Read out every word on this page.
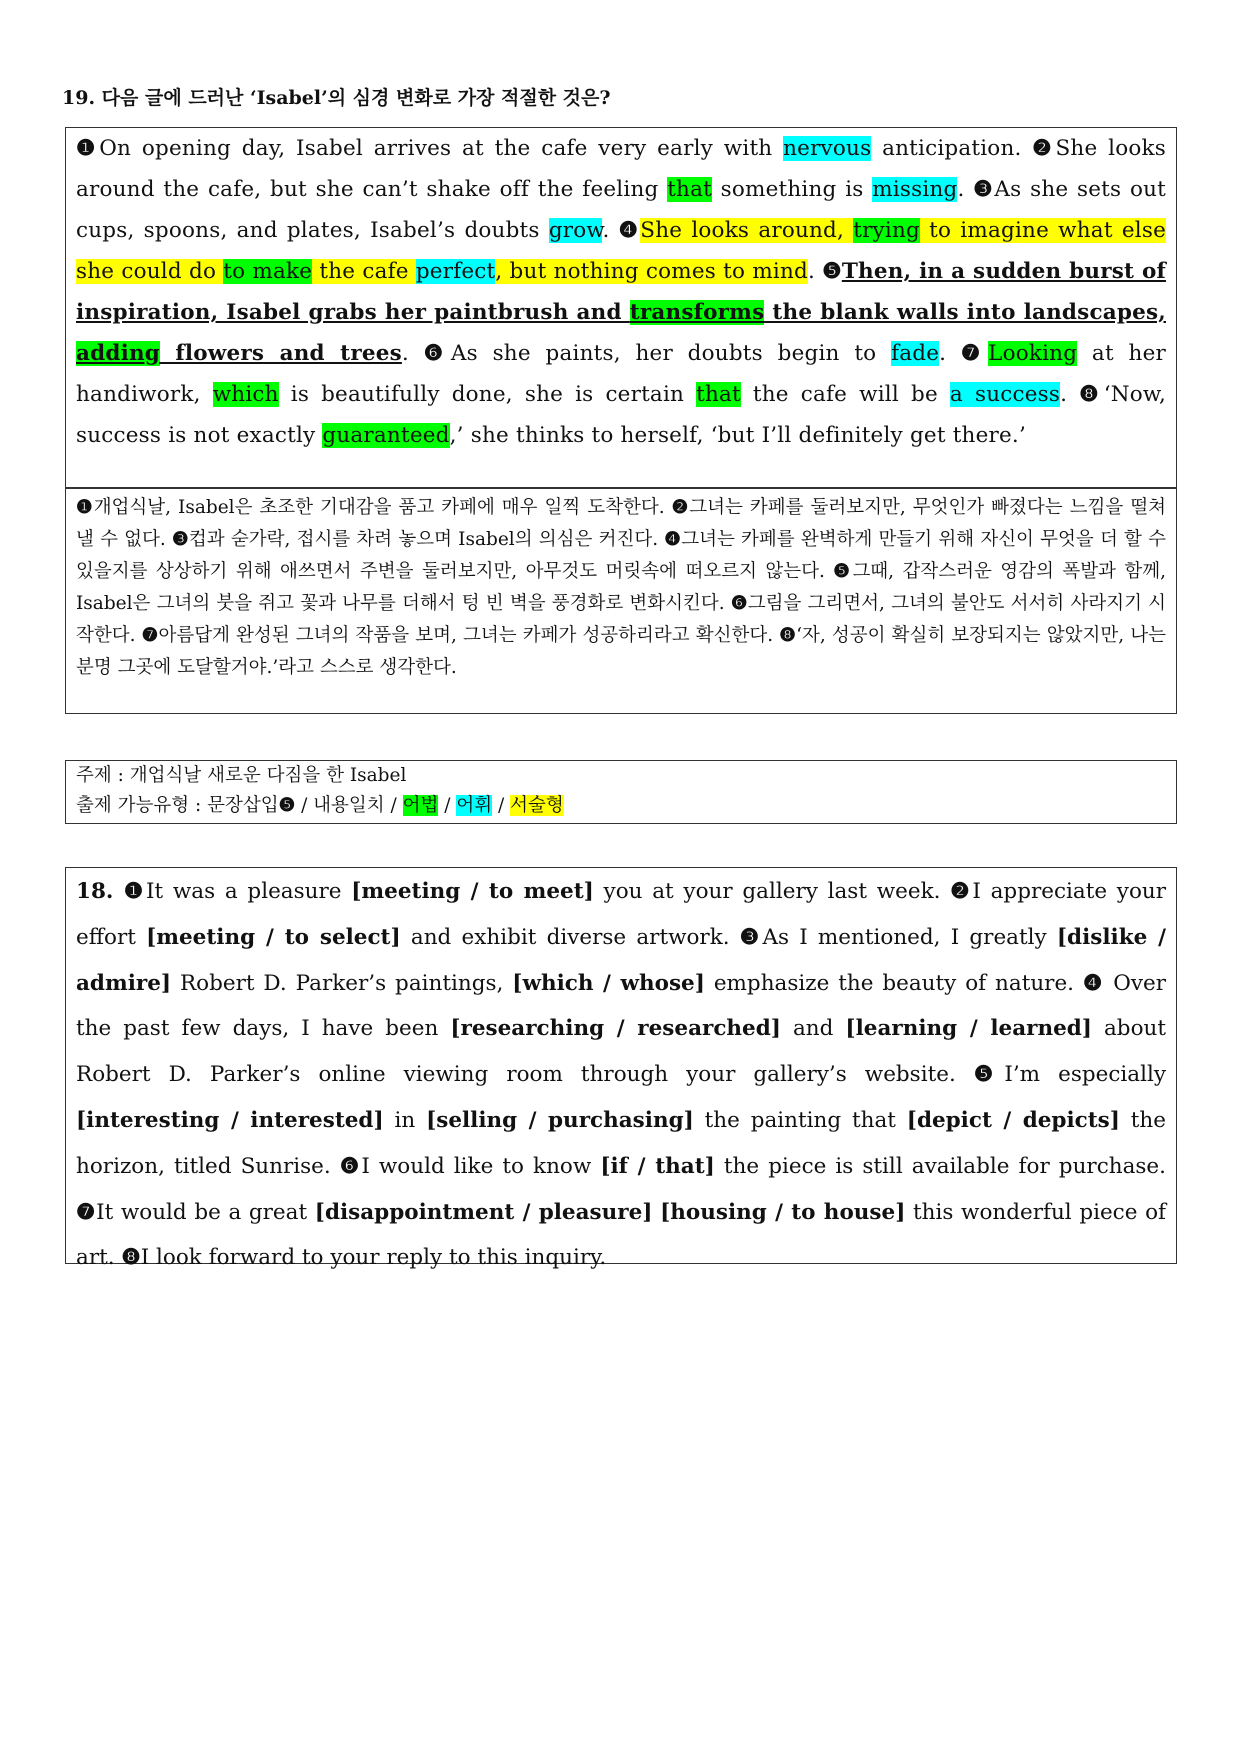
19. 다음 글에 드러난 ‘Isabel’의 심경 변화로 가장 적절한 것은?
❶On opening day, Isabel arrives at the cafe very early with nervous anticipation. ❷She looks around the cafe, but she can’t shake off the feeling that something is missing. ❸As she sets out cups, spoons, and plates, Isabel’s doubts grow. ❹She looks around, trying to imagine what else she could do to make the cafe perfect, but nothing comes to mind. ❺Then, in a sudden burst of inspiration, Isabel grabs her paintbrush and transforms the blank walls into landscapes, adding flowers and trees. ❻As she paints, her doubts begin to fade. ❼Looking at her handiwork, which is beautifully done, she is certain that the cafe will be a success. ❽‘Now, success is not exactly guaranteed,’ she thinks to herself, ‘but I’ll definitely get there.’
❶개업식날, Isabel은 초조한 기대감을 품고 카페에 매우 일찍 도착한다. ❷그녀는 카페를 둘러보지만, 무엇인가 빠졌다는 느낌을 떨쳐 낼 수 없다. ❸컵과 숟가락, 접시를 차려 놓으며 Isabel의 의심은 커진다. ❹그녀는 카페를 완벽하게 만들기 위해 자신이 무엇을 더 할 수 있을지를 상상하기 위해 애쓰면서 주변을 둘러보지만, 아무것도 머릿속에 떠오르지 않는다. ❺그때, 갑작스러운 영감의 폭발과 함께, Isabel은 그녀의 붓을 쥐고 꽃과 나무를 더해서 텅 빈 벽을 풍경화로 변화시킨다. ❻그림을 그리면서, 그녀의 불안도 서서히 사라지기 시작한다. ❼아름답게 완성된 그녀의 작품을 보며, 그녀는 카페가 성공하리라고 확신한다. ❽‘자, 성공이 확실히 보장되지는 않았지만, 나는 분명 그곳에 도달할거야.’라고 스스로 생각한다.
주제 : 개업식날 새로운 다짐을 한 Isabel
출제 가능유형 : 문장삽입❺ / 내용일치 / 어법 / 어휘 / 서술형
18. ❶It was a pleasure [meeting / to meet] you at your gallery last week. ❷I appreciate your effort [meeting / to select] and exhibit diverse artwork. ❸As I mentioned, I greatly [dislike / admire] Robert D. Parker’s paintings, [which / whose] emphasize the beauty of nature. ❹ Over the past few days, I have been [researching / researched] and [learning / learned] about Robert D. Parker’s online viewing room through your gallery’s website. ❺I’m especially [interesting / interested] in [selling / purchasing] the painting that [depict / depicts] the horizon, titled Sunrise. ❻I would like to know [if / that] the piece is still available for purchase. ❼It would be a great [disappointment / pleasure] [housing / to house] this wonderful piece of art. ❽I look forward to your reply to this inquiry.
